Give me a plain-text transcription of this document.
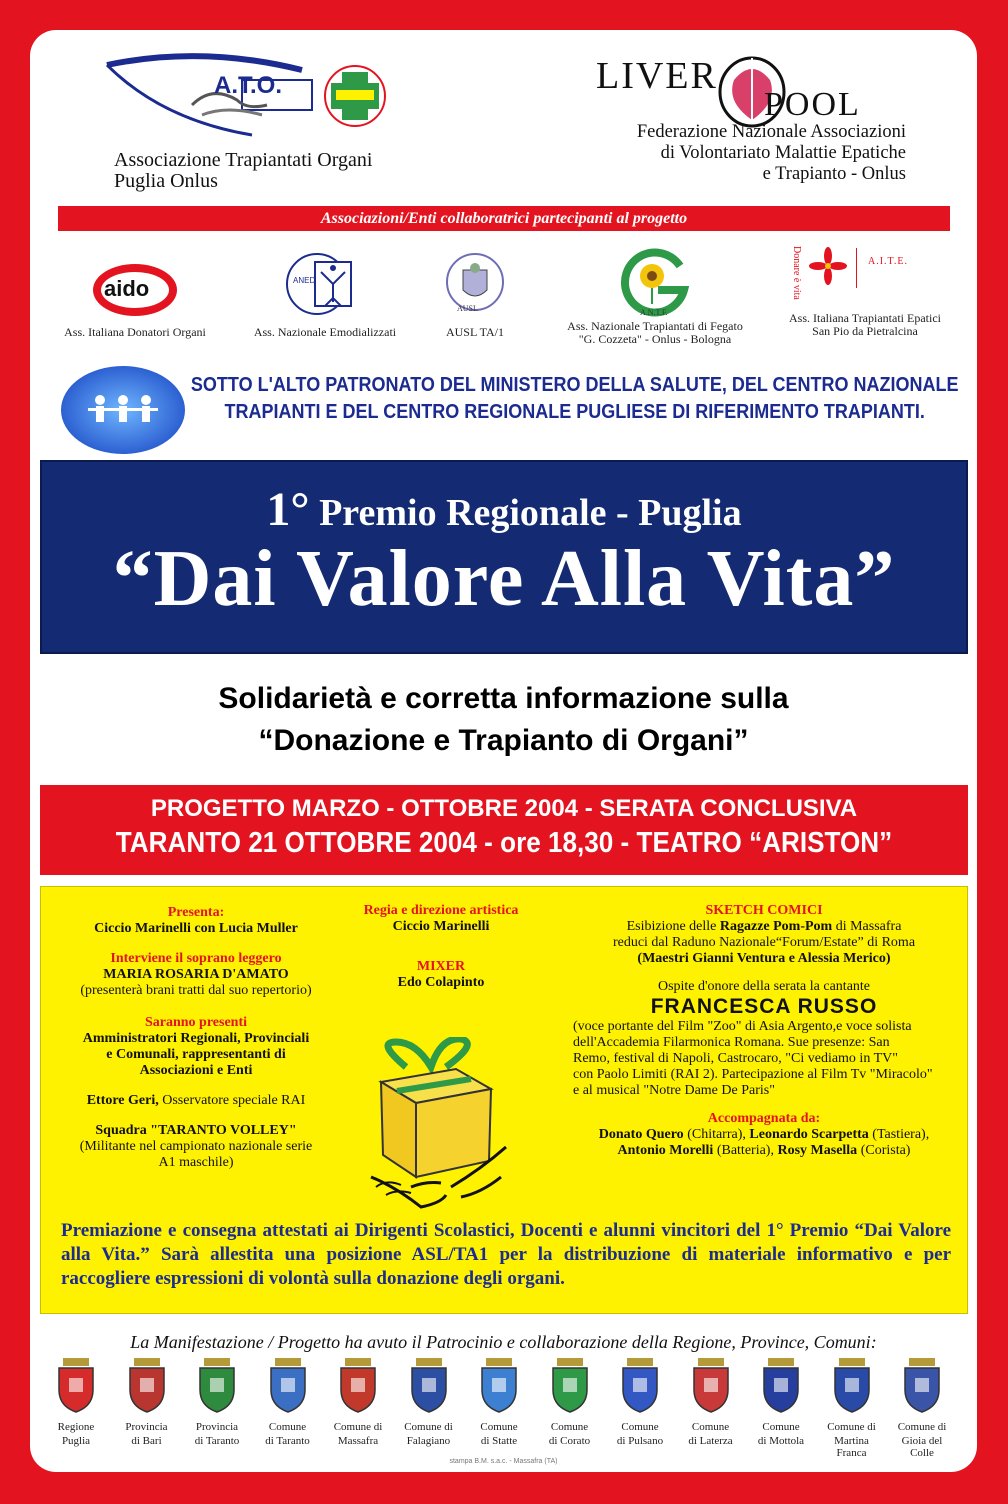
A.T.O.
Associazione Trapiantati Organi
Puglia Onlus
LIVER
POOL
Federazione Nazionale Associazioni
di Volontariato Malattie Epatiche
e Trapianto - Onlus
Associazioni/Enti collaboratrici partecipanti al progetto
aido
Ass. Italiana Donatori Organi
ANED
Ass. Nazionale Emodializzati
AUSL
AUSL TA/1
A.N.T.F.
Ass. Nazionale Trapiantati di Fegato
"G. Cozzeta" - Onlus - Bologna
Donare è vita	A.I.T.E.
Ass. Italiana Trapiantati Epatici
San Pio da Pietralcina
SOTTO L'ALTO PATRONATO DEL MINISTERO DELLA SALUTE, DEL CENTRO NAZIONALE
TRAPIANTI E DEL CENTRO REGIONALE PUGLIESE DI RIFERIMENTO TRAPIANTI.
1° Premio Regionale - Puglia
“Dai Valore Alla Vita”
Solidarietà e corretta informazione sulla
“Donazione e Trapianto di Organi”
PROGETTO MARZO - OTTOBRE 2004 - SERATA CONCLUSIVA
TARANTO 21 OTTOBRE 2004 - ore 18,30 - TEATRO “ARISTON”
Presenta:
Ciccio Marinelli con Lucia Muller
Interviene il soprano leggero
MARIA ROSARIA D'AMATO
(presenterà brani tratti dal suo repertorio)
Saranno presenti
Amministratori Regionali, Provinciali
e Comunali, rappresentanti di
Associazioni e Enti
Ettore Geri, Osservatore speciale RAI
Squadra "TARANTO VOLLEY"
(Militante nel campionato nazionale serie
A1 maschile)
Regia e direzione artistica
Ciccio Marinelli
MIXER
Edo Colapinto
SKETCH COMICI
Esibizione delle Ragazze Pom-Pom di Massafra
reduci dal Raduno Nazionale“Forum/Estate” di Roma
(Maestri Gianni Ventura e Alessia Merico)
Ospite d'onore della serata la cantante
FRANCESCA RUSSO
(voce portante del Film "Zoo" di Asia Argento,e voce solista
dell'Accademia Filarmonica Romana. Sue presenze: San
Remo, festival di Napoli, Castrocaro, "Ci vediamo in TV"
con Paolo Limiti (RAI 2). Partecipazione al Film Tv "Miracolo"
e al musical "Notre Dame De Paris"
Accompagnata da:
Donato Quero (Chitarra), Leonardo Scarpetta (Tastiera),
Antonio Morelli (Batteria), Rosy Masella (Corista)
Premiazione e consegna attestati ai Dirigenti Scolastici, Docenti e alunni vincitori del 1° Premio “Dai Valore alla Vita.” Sarà allestita una posizione ASL/TA1 per la distribuzione di materiale informativo e per raccogliere espressioni di volontà sulla donazione degli organi.
La Manifestazione / Progetto ha avuto il Patrocinio e collaborazione della Regione, Province, Comuni:
Regione
Puglia
Provincia
di Bari
Provincia
di Taranto
Comune
di Taranto
Comune di
Massafra
Comune di
Falagiano
Comune
di Statte
Comune
di Corato
Comune
di Pulsano
Comune
di Laterza
Comune
di Mottola
Comune di
Martina Franca
Comune di
Gioia del Colle
stampa B.M. s.a.c. - Massafra (TA)
